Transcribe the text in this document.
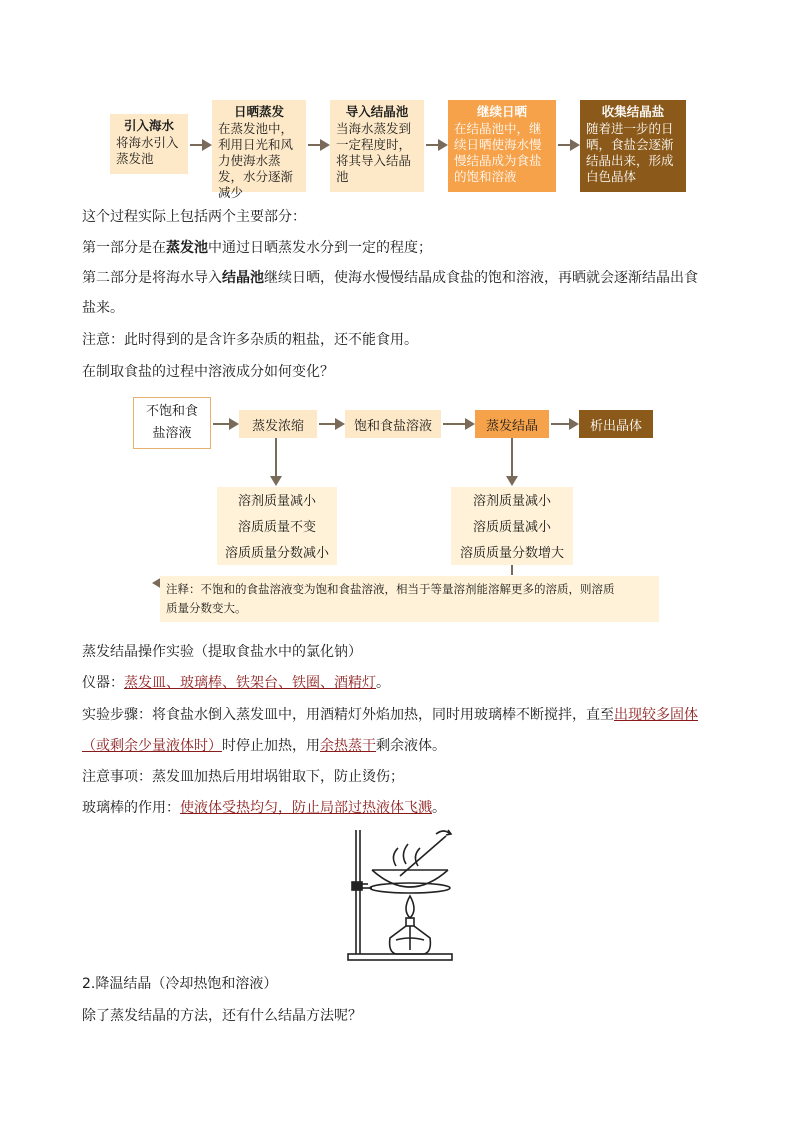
引入海水
将海水引入蒸发池
日晒蒸发
在蒸发池中，利用日光和风力使海水蒸发，水分逐渐减少
导入结晶池
当海水蒸发到一定程度时，将其导入结晶池
继续日晒
在结晶池中，继续日晒使海水慢慢结晶成为食盐的饱和溶液
收集结晶盐
随着进一步的日晒，食盐会逐渐结晶出来，形成白色晶体
这个过程实际上包括两个主要部分：
第一部分是在蒸发池中通过日晒蒸发水分到一定的程度；
第二部分是将海水导入结晶池继续日晒，使海水慢慢结晶成食盐的饱和溶液，再晒就会逐渐结晶出食
盐来。
注意：此时得到的是含许多杂质的粗盐，还不能食用。
在制取食盐的过程中溶液成分如何变化？
不饱和食
盐溶液	蒸发浓缩	饱和食盐溶液	蒸发结晶	析出晶体
溶剂质量减小
溶质质量不变
溶质质量分数减小
溶剂质量减小
溶质质量减小
溶质质量分数增大
注释：不饱和的食盐溶液变为饱和食盐溶液，相当于等量溶剂能溶解更多的溶质，则溶质
质量分数变大。
蒸发结晶操作实验（提取食盐水中的氯化钠）
仪器：蒸发皿、玻璃棒、铁架台、铁圈、酒精灯。
实验步骤：将食盐水倒入蒸发皿中，用酒精灯外焰加热，同时用玻璃棒不断搅拌，直至出现较多固体
（或剩余少量液体时）时停止加热，用余热蒸干剩余液体。
注意事项：蒸发皿加热后用坩埚钳取下，防止烫伤；
玻璃棒的作用：使液体受热均匀，防止局部过热液体飞溅。
2.降温结晶（冷却热饱和溶液）
除了蒸发结晶的方法，还有什么结晶方法呢？
